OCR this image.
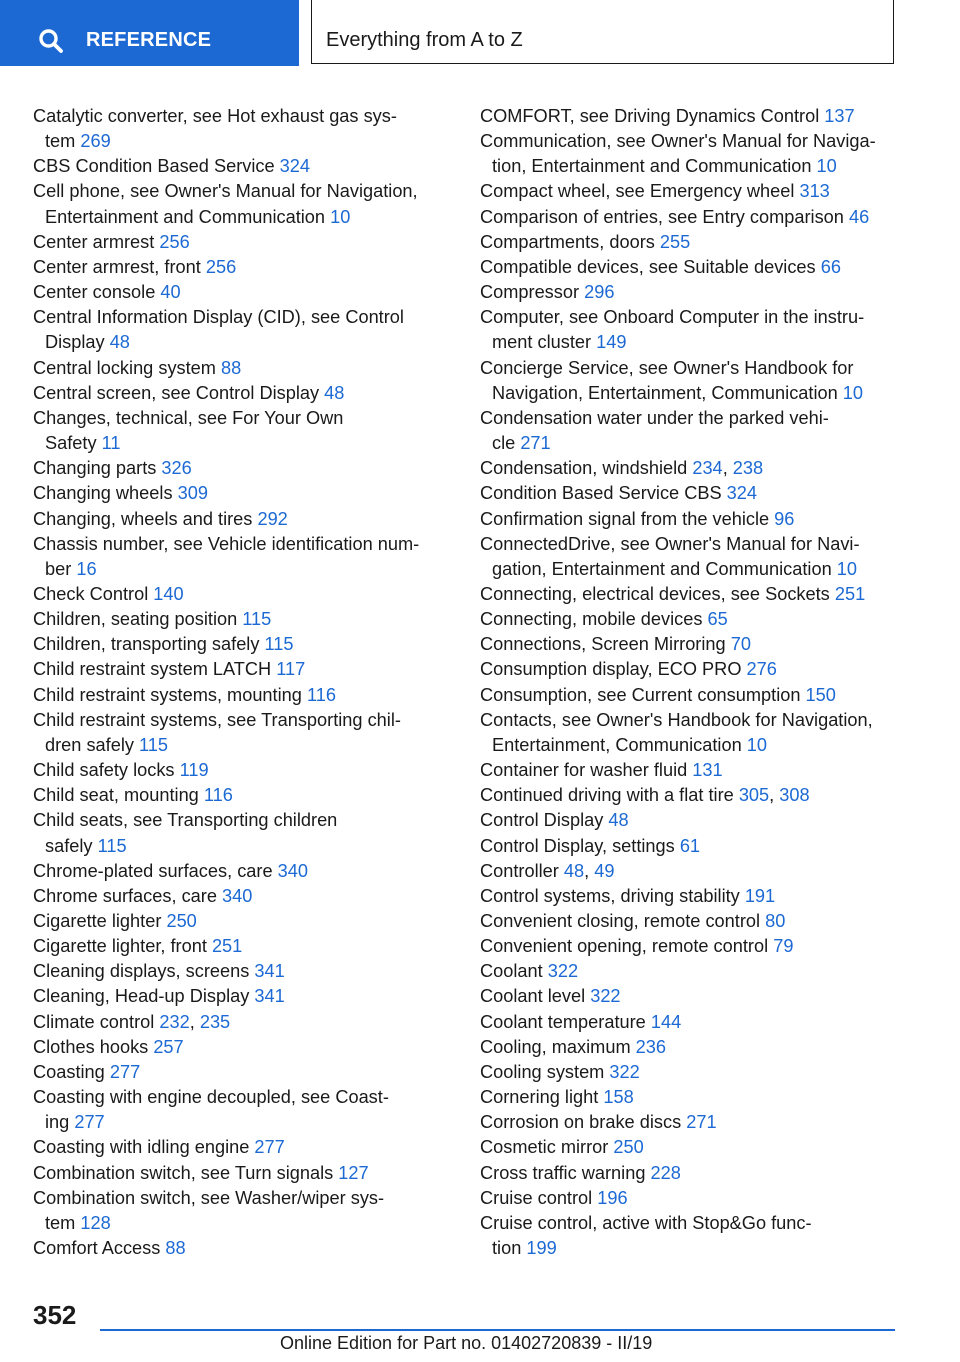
REFERENCE	Everything from A to Z
Catalytic converter, see Hot exhaust gas sys-
tem 269
CBS Condition Based Service 324
Cell phone, see Owner's Manual for Navigation,
Entertainment and Communication 10
Center armrest 256
Center armrest, front 256
Center console 40
Central Information Display (CID), see Control
Display 48
Central locking system 88
Central screen, see Control Display 48
Changes, technical, see For Your Own
Safety 11
Changing parts 326
Changing wheels 309
Changing, wheels and tires 292
Chassis number, see Vehicle identification num-
ber 16
Check Control 140
Children, seating position 115
Children, transporting safely 115
Child restraint system LATCH 117
Child restraint systems, mounting 116
Child restraint systems, see Transporting chil-
dren safely 115
Child safety locks 119
Child seat, mounting 116
Child seats, see Transporting children
safely 115
Chrome-plated surfaces, care 340
Chrome surfaces, care 340
Cigarette lighter 250
Cigarette lighter, front 251
Cleaning displays, screens 341
Cleaning, Head-up Display 341
Climate control 232, 235
Clothes hooks 257
Coasting 277
Coasting with engine decoupled, see Coast-
ing 277
Coasting with idling engine 277
Combination switch, see Turn signals 127
Combination switch, see Washer/wiper sys-
tem 128
Comfort Access 88
COMFORT, see Driving Dynamics Control 137
Communication, see Owner's Manual for Naviga-
tion, Entertainment and Communication 10
Compact wheel, see Emergency wheel 313
Comparison of entries, see Entry comparison 46
Compartments, doors 255
Compatible devices, see Suitable devices 66
Compressor 296
Computer, see Onboard Computer in the instru-
ment cluster 149
Concierge Service, see Owner's Handbook for
Navigation, Entertainment, Communication 10
Condensation water under the parked vehi-
cle 271
Condensation, windshield 234, 238
Condition Based Service CBS 324
Confirmation signal from the vehicle 96
ConnectedDrive, see Owner's Manual for Navi-
gation, Entertainment and Communication 10
Connecting, electrical devices, see Sockets 251
Connecting, mobile devices 65
Connections, Screen Mirroring 70
Consumption display, ECO PRO 276
Consumption, see Current consumption 150
Contacts, see Owner's Handbook for Navigation,
Entertainment, Communication 10
Container for washer fluid 131
Continued driving with a flat tire 305, 308
Control Display 48
Control Display, settings 61
Controller 48, 49
Control systems, driving stability 191
Convenient closing, remote control 80
Convenient opening, remote control 79
Coolant 322
Coolant level 322
Coolant temperature 144
Cooling, maximum 236
Cooling system 322
Cornering light 158
Corrosion on brake discs 271
Cosmetic mirror 250
Cross traffic warning 228
Cruise control 196
Cruise control, active with Stop&Go func-
tion 199
352
Online Edition for Part no. 01402720839 - II/19
